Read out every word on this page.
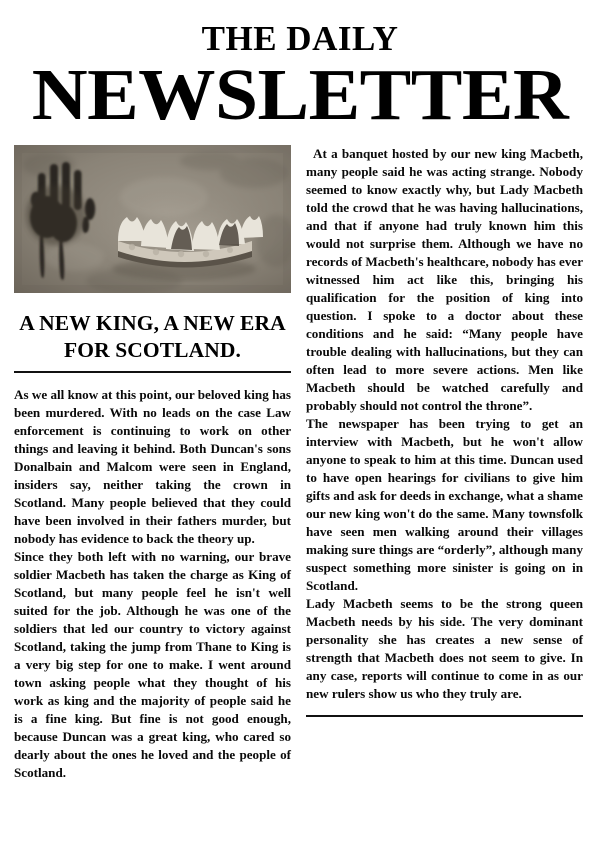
THE DAILY
NEWSLETTER
A NEW KING, A NEW ERA FOR SCOTLAND.

As we all know at this point, our beloved king has been murdered. With no leads on the case Law enforcement is continuing to work on other things and leaving it behind. Both Duncan's sons Donalbain and Malcom were seen in England, insiders say, neither taking the crown in Scotland. Many people believed that they could have been involved in their fathers murder, but nobody has evidence to back the theory up.

Since they both left with no warning, our brave soldier Macbeth has taken the charge as King of Scotland, but many people feel he isn't well suited for the job. Although he was one of the soldiers that led our country to victory against Scotland, taking the jump from Thane to King is a very big step for one to make. I went around town asking people what they thought of his work as king and the majority of people said he is a fine king. But fine is not good enough, because Duncan was a great king, who cared so dearly about the ones he loved and the people of Scotland.

At a banquet hosted by our new king Macbeth, many people said he was acting strange. Nobody seemed to know exactly why, but Lady Macbeth told the crowd that he was having hallucinations, and that if anyone had truly known him this would not surprise them. Although we have no records of Macbeth's healthcare, nobody has ever witnessed him act like this, bringing his qualification for the position of king into question. I spoke to a doctor about these conditions and he said: “Many people have trouble dealing with hallucinations, but they can often lead to more severe actions. Men like Macbeth should be watched carefully and probably should not control the throne”.

The newspaper has been trying to get an interview with Macbeth, but he won't allow anyone to speak to him at this time. Duncan used to have open hearings for civilians to give him gifts and ask for deeds in exchange, what a shame our new king won't do the same. Many townsfolk have seen men walking around their villages making sure things are “orderly”, although many suspect something more sinister is going on in Scotland.

Lady Macbeth seems to be the strong queen Macbeth needs by his side. The very dominant personality she has creates a new sense of strength that Macbeth does not seem to give. In any case, reports will continue to come in as our new rulers show us who they truly are.
